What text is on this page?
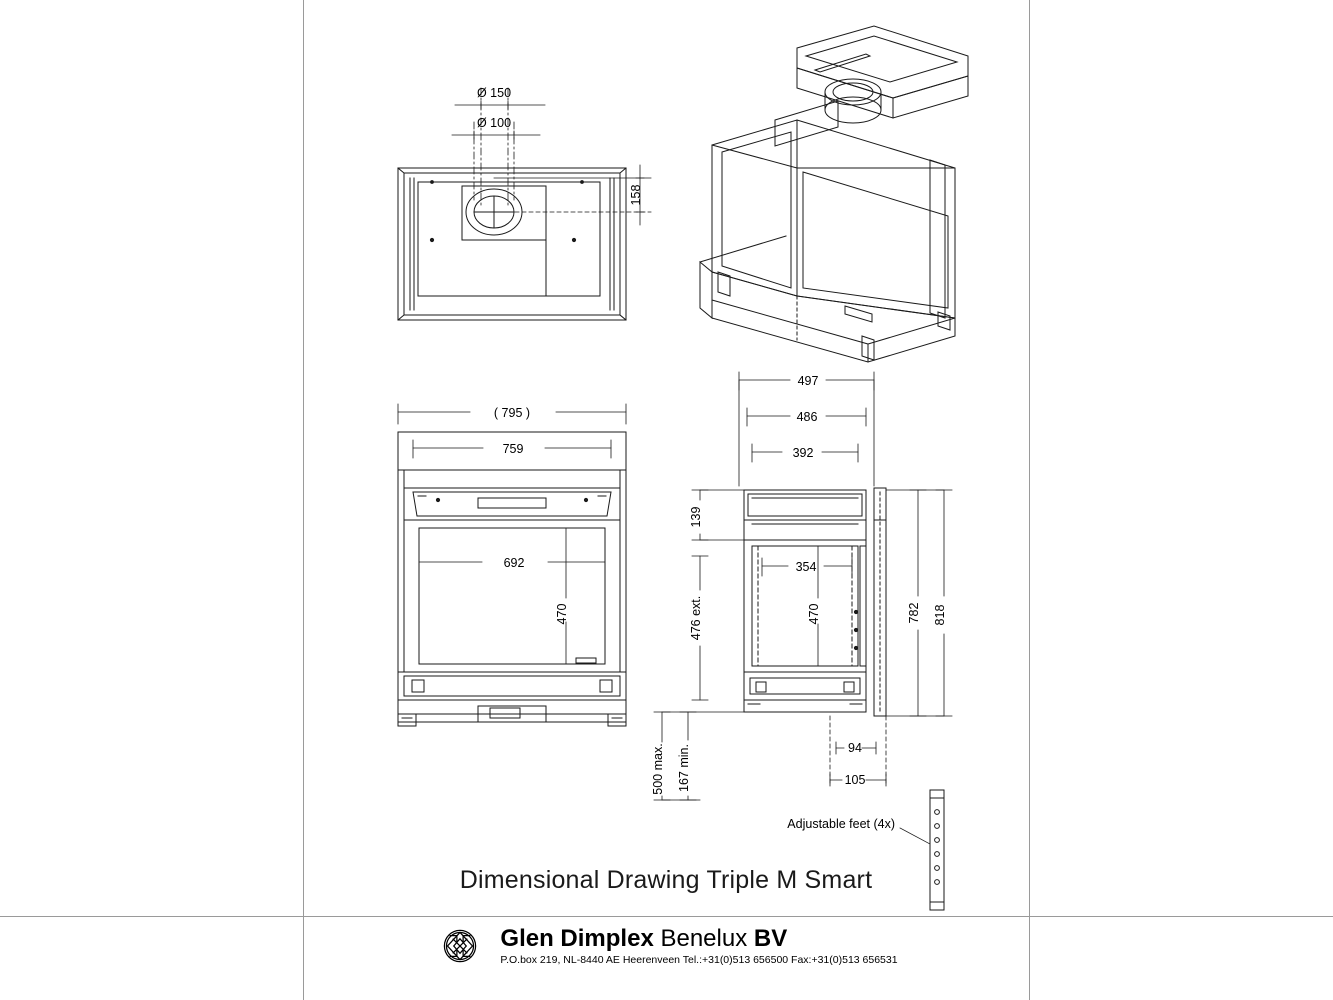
Ø 150
Ø 100
158
( 795 )
759
692
470
497
486
392
354
470
139
476 ext.	782 818
500 max. 167 min.	94
105
Adjustable feet (4x)
Dimensional Drawing Triple M Smart
Glen Dimplex Benelux BV
P.O.box 219, NL-8440 AE Heerenveen Tel.:+31(0)513 656500 Fax:+31(0)513 656531
